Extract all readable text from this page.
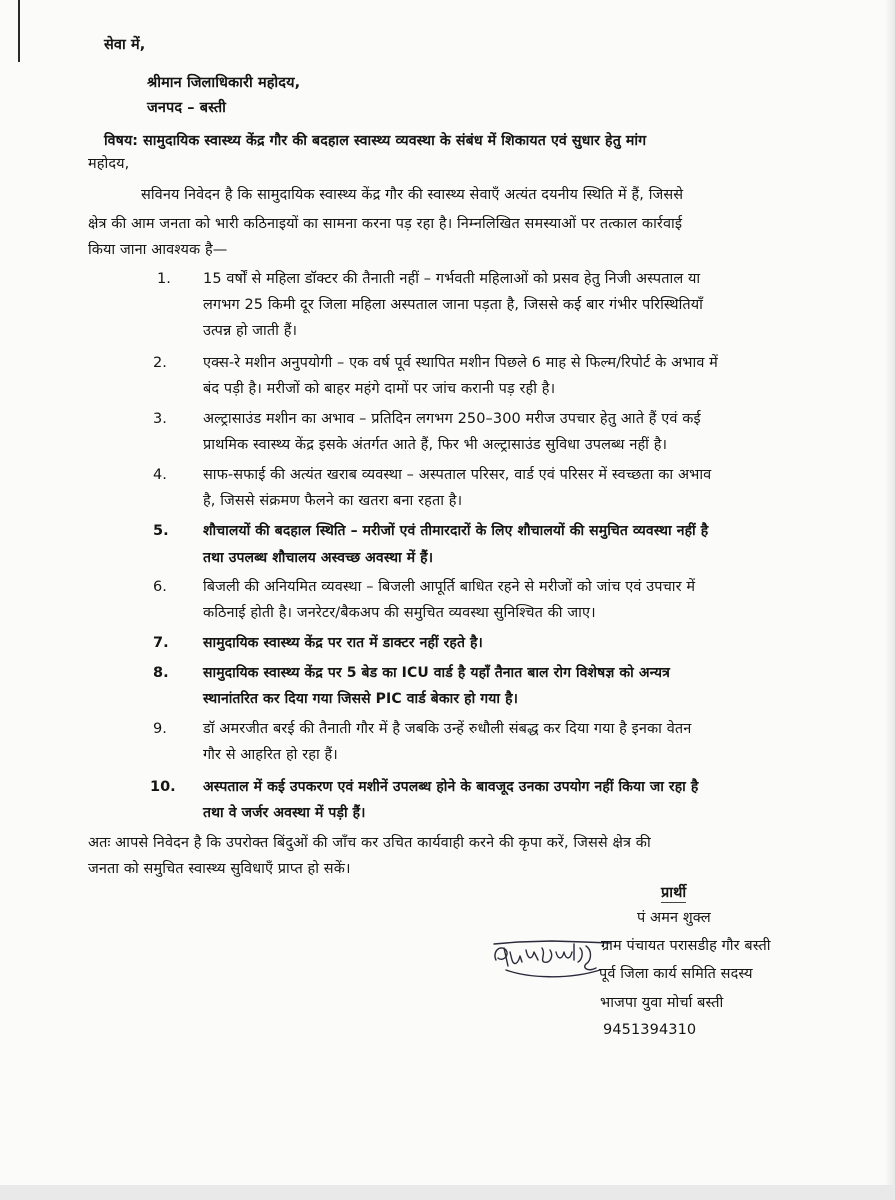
सेवा में,
श्रीमान जिलाधिकारी महोदय,
जनपद – बस्ती
विषय: सामुदायिक स्वास्थ्य केंद्र गौर की बदहाल स्वास्थ्य व्यवस्था के संबंध में शिकायत एवं सुधार हेतु मांग
महोदय,
सविनय निवेदन है कि सामुदायिक स्वास्थ्य केंद्र गौर की स्वास्थ्य सेवाएँ अत्यंत दयनीय स्थिति में हैं, जिससे
क्षेत्र की आम जनता को भारी कठिनाइयों का सामना करना पड़ रहा है। निम्नलिखित समस्याओं पर तत्काल कार्रवाई
किया जाना आवश्यक है—
1.	15 वर्षों से महिला डॉक्टर की तैनाती नहीं – गर्भवती महिलाओं को प्रसव हेतु निजी अस्पताल या
लगभग 25 किमी दूर जिला महिला अस्पताल जाना पड़ता है, जिससे कई बार गंभीर परिस्थितियाँ
उत्पन्न हो जाती हैं।
2.	एक्स-रे मशीन अनुपयोगी – एक वर्ष पूर्व स्थापित मशीन पिछले 6 माह से फिल्म/रिपोर्ट के अभाव में
बंद पड़ी है। मरीजों को बाहर महंगे दामों पर जांच करानी पड़ रही है।
3.	अल्ट्रासाउंड मशीन का अभाव – प्रतिदिन लगभग 250–300 मरीज उपचार हेतु आते हैं एवं कई
प्राथमिक स्वास्थ्य केंद्र इसके अंतर्गत आते हैं, फिर भी अल्ट्रासाउंड सुविधा उपलब्ध नहीं है।
4.	साफ-सफाई की अत्यंत खराब व्यवस्था – अस्पताल परिसर, वार्ड एवं परिसर में स्वच्छता का अभाव
है, जिससे संक्रमण फैलने का खतरा बना रहता है।
5.	शौचालयों की बदहाल स्थिति – मरीजों एवं तीमारदारों के लिए शौचालयों की समुचित व्यवस्था नहीं है
तथा उपलब्ध शौचालय अस्वच्छ अवस्था में हैं।
6.	बिजली की अनियमित व्यवस्था – बिजली आपूर्ति बाधित रहने से मरीजों को जांच एवं उपचार में
कठिनाई होती है। जनरेटर/बैकअप की समुचित व्यवस्था सुनिश्चित की जाए।
7.	सामुदायिक स्वास्थ्य केंद्र पर रात में डाक्टर नहीं रहते है।
8.	सामुदायिक स्वास्थ्य केंद्र पर 5 बेड का ICU वार्ड है यहाँ तैनात बाल रोग विशेषज्ञ को अन्यत्र
स्थानांतरित कर दिया गया जिससे PIC वार्ड बेकार हो गया है।
9.	डॉ अमरजीत बरई की तैनाती गौर में है जबकि उन्हें रुधौली संबद्ध कर दिया गया है इनका वेतन
गौर से आहरित हो रहा हैं।
10.	अस्पताल में कई उपकरण एवं मशीनें उपलब्ध होने के बावजूद उनका उपयोग नहीं किया जा रहा है
तथा वे जर्जर अवस्था में पड़ी हैं।
अतः आपसे निवेदन है कि उपरोक्त बिंदुओं की जाँच कर उचित कार्यवाही करने की कृपा करें, जिससे क्षेत्र की
जनता को समुचित स्वास्थ्य सुविधाएँ प्राप्त हो सकें।
प्रार्थी
पं अमन शुक्ल
ग्राम पंचायत परासडीह गौर बस्ती
पूर्व जिला कार्य समिति सदस्य
भाजपा युवा मोर्चा बस्ती
9451394310
